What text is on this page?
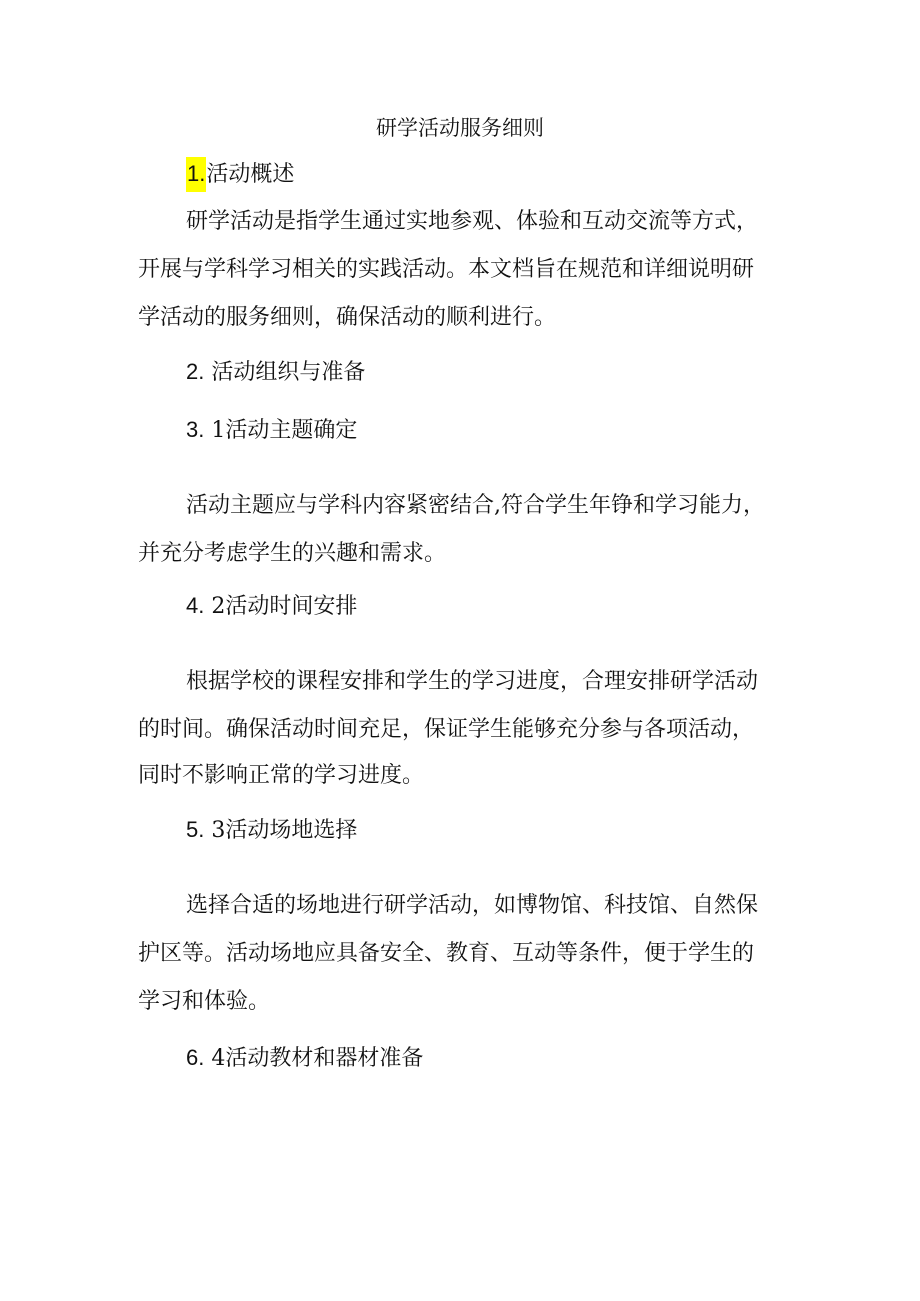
研学活动服务细则
1.活动概述
研学活动是指学生通过实地参观、体验和互动交流等方式，
开展与学科学习相关的实践活动。本文档旨在规范和详细说明研
学活动的服务细则，确保活动的顺利进行。
2. 活动组织与准备
3. 1活动主题确定
活动主题应与学科内容紧密结合,符合学生年铮和学习能力，
并充分考虑学生的兴趣和需求。
4. 2活动时间安排
根据学校的课程安排和学生的学习进度，合理安排研学活动
的时间。确保活动时间充足，保证学生能够充分参与各项活动，
同时不影响正常的学习进度。
5. 3活动场地选择
选择合适的场地进行研学活动，如博物馆、科技馆、自然保
护区等。活动场地应具备安全、教育、互动等条件，便于学生的
学习和体验。
6. 4活动教材和器材准备
